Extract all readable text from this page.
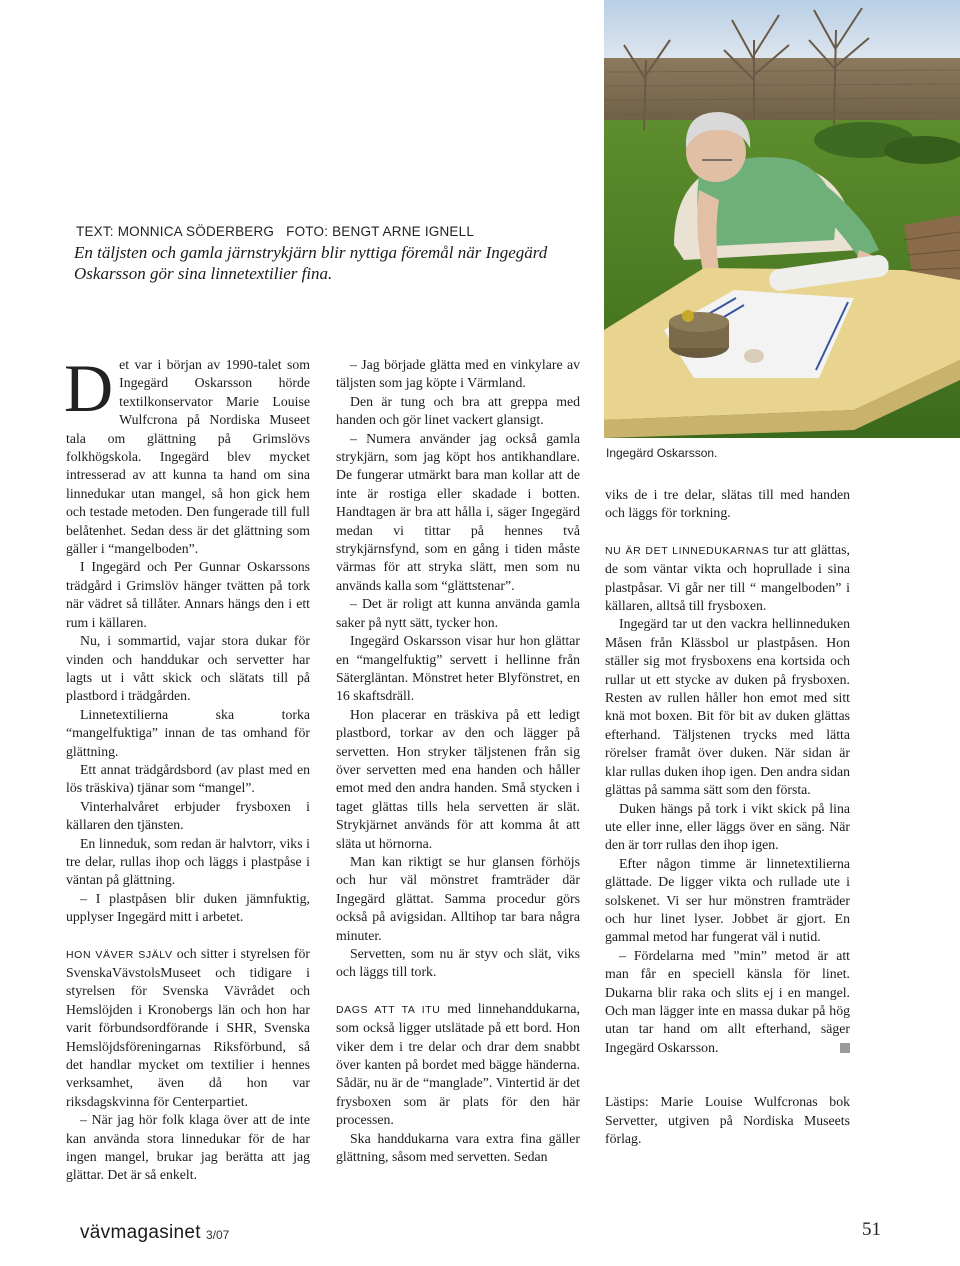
TEXT: MONNICA SÖDERBERG FOTO: BENGT ARNE IGNELL
En täljsten och gamla järnstrykjärn blir nyttiga föremål när Ingegärd Oskarsson gör sina linnetextilier fina.
Ingegärd Oskarsson.

Det var i början av 1990-talet som Ingegärd Oskarsson hörde textilkonservator Marie Louise Wulfcrona på Nordiska Museet tala om glättning på Grimslövs folkhögskola. Ingegärd blev mycket intresserad av att kunna ta hand om sina linnedukar utan mangel, så hon gick hem och testade metoden. Den fungerade till full belåtenhet. Sedan dess är det glättning som gäller i “mangelboden”.

I Ingegärd och Per Gunnar Oskarssons trädgård i Grimslöv hänger tvätten på tork när vädret så tillåter. Annars hängs den i ett rum i källaren.

Nu, i sommartid, vajar stora dukar för vinden och handdukar och servetter har lagts ut i vått skick och slätats till på plastbord i trädgården.

Linnetextilierna ska torka “mangelfuktiga” innan de tas omhand för glättning.

Ett annat trädgårdsbord (av plast med en lös träskiva) tjänar som “mangel”.

Vinterhalvåret erbjuder frysboxen i källaren den tjänsten.

En linneduk, som redan är halvtorr, viks i tre delar, rullas ihop och läggs i plastpåse i väntan på glättning.

– I plastpåsen blir duken jämnfuktig, upplyser Ingegärd mitt i arbetet.

HON VÄVER SJÄLV och sitter i styrelsen för SvenskaVävstolsMuseet och tidigare i styrelsen för Svenska Vävrådet och Hemslöjden i Kronobergs län och hon har varit förbundsordförande i SHR, Svenska Hemslöjdsföreningarnas Riksförbund, så det handlar mycket om textilier i hennes verksamhet, även då hon var riksdagskvinna för Centerpartiet.

– När jag hör folk klaga över att de inte kan använda stora linnedukar för de har ingen mangel, brukar jag berätta att jag glättar. Det är så enkelt.

– Jag började glätta med en vinkylare av täljsten som jag köpte i Värmland.

Den är tung och bra att greppa med handen och gör linet vackert glansigt.

– Numera använder jag också gamla strykjärn, som jag köpt hos antikhandlare. De fungerar utmärkt bara man kollar att de inte är rostiga eller skadade i botten. Handtagen är bra att hålla i, säger Ingegärd medan vi tittar på hennes två strykjärnsfynd, som en gång i tiden måste värmas för att stryka slätt, men som nu används kalla som “glättstenar”.

– Det är roligt att kunna använda gamla saker på nytt sätt, tycker hon.

Ingegärd Oskarsson visar hur hon glättar en “mangelfuktig” servett i hellinne från Sätergläntan. Mönstret heter Blyfönstret, en 16 skaftsdräll.

Hon placerar en träskiva på ett ledigt plastbord, torkar av den och lägger på servetten. Hon stryker täljstenen från sig över servetten med ena handen och håller emot med den andra handen. Små stycken i taget glättas tills hela servetten är slät. Strykjärnet används för att komma åt att släta ut hörnorna.

Man kan riktigt se hur glansen förhöjs och hur väl mönstret framträder där Ingegärd glättat. Samma procedur görs också på avigsidan. Alltihop tar bara några minuter.

Servetten, som nu är styv och slät, viks och läggs till tork.

DAGS ATT TA ITU med linnehanddukarna, som också ligger utslätade på ett bord. Hon viker dem i tre delar och drar dem snabbt över kanten på bordet med bägge händerna. Sådär, nu är de “manglade”. Vintertid är det frysboxen som är plats för den här processen.

Ska handdukarna vara extra fina gäller glättning, såsom med servetten. Sedan

viks de i tre delar, slätas till med handen och läggs för torkning.

NU ÄR DET LINNEDUKARNAS tur att glättas, de som väntar vikta och hoprullade i sina plastpåsar. Vi går ner till “ mangelboden” i källaren, alltså till frysboxen.

Ingegärd tar ut den vackra hellinneduken Måsen från Klässbol ur plastpåsen. Hon ställer sig mot frysboxens ena kortsida och rullar ut ett stycke av duken på frysboxen. Resten av rullen håller hon emot med sitt knä mot boxen. Bit för bit av duken glättas efterhand. Täljstenen trycks med lätta rörelser framåt över duken. När sidan är klar rullas duken ihop igen. Den andra sidan glättas på samma sätt som den första.

Duken hängs på tork i vikt skick på lina ute eller inne, eller läggs över en säng. När den är torr rullas den ihop igen.

Efter någon timme är linnetextilierna glättade. De ligger vikta och rullade ute i solskenet. Vi ser hur mönstren framträder och hur linet lyser. Jobbet är gjort. En gammal metod har fungerat väl i nutid.

– Fördelarna med ”min” metod är att man får en speciell känsla för linet. Dukarna blir raka och slits ej i en mangel. Och man lägger inte en massa dukar på hög utan tar hand om allt efterhand, säger Ingegärd Oskarsson.

Lästips: Marie Louise Wulfcronas bok Servetter, utgiven på Nordiska Museets förlag.

vävmagasinet 3/07	51
